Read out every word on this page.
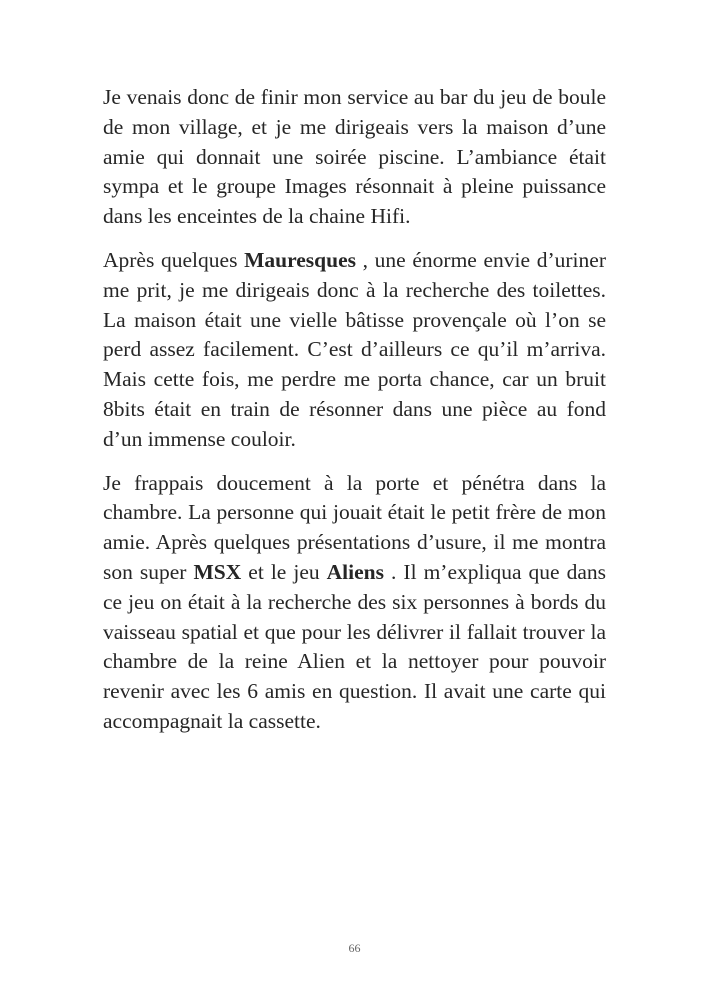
Je venais donc de finir mon service au bar du jeu de boule de mon village, et je me dirigeais vers la maison d’une amie qui donnait une soirée piscine. L’ambiance était sympa et le groupe Images résonnait à pleine puissance dans les enceintes de la chaine Hifi.

Après quelques Mauresques , une énorme envie d’uriner me prit, je me dirigeais donc à la recherche des toilettes. La maison était une vielle bâtisse provençale où l’on se perd assez facilement. C’est d’ailleurs ce qu’il m’arriva. Mais cette fois, me perdre me porta chance, car un bruit 8bits était en train de résonner dans une pièce au fond d’un immense couloir.

Je frappais doucement à la porte et pénétra dans la chambre. La personne qui jouait était le petit frère de mon amie. Après quelques présentations d’usure, il me montra son super MSX et le jeu Aliens . Il m’expliqua que dans ce jeu on était à la recherche des six personnes à bords du vaisseau spatial et que pour les délivrer il fallait trouver la chambre de la reine Alien et la nettoyer pour pouvoir revenir avec les 6 amis en question. Il avait une carte qui accompagnait la cassette.

66
